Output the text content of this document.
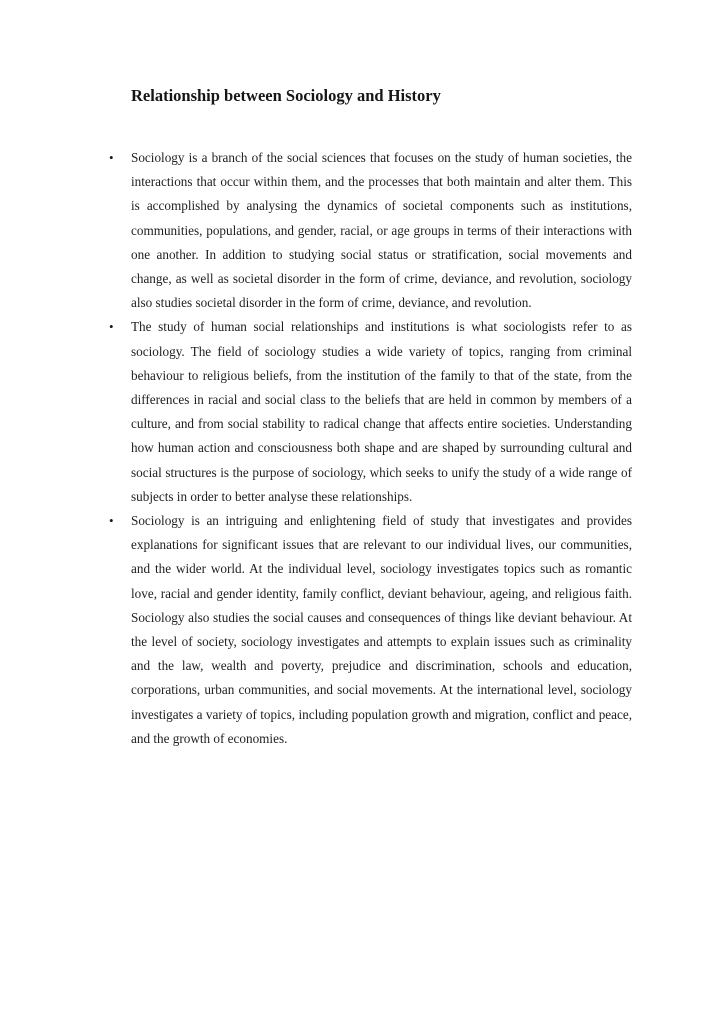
Relationship between Sociology and History
• Sociology is a branch of the social sciences that focuses on the study of human societies, the interactions that occur within them, and the processes that both maintain and alter them. This is accomplished by analysing the dynamics of societal components such as institutions, communities, populations, and gender, racial, or age groups in terms of their interactions with one another. In addition to studying social status or stratification, social movements and change, as well as societal disorder in the form of crime, deviance, and revolution, sociology also studies societal disorder in the form of crime, deviance, and revolution.
• The study of human social relationships and institutions is what sociologists refer to as sociology. The field of sociology studies a wide variety of topics, ranging from criminal behaviour to religious beliefs, from the institution of the family to that of the state, from the differences in racial and social class to the beliefs that are held in common by members of a culture, and from social stability to radical change that affects entire societies. Understanding how human action and consciousness both shape and are shaped by surrounding cultural and social structures is the purpose of sociology, which seeks to unify the study of a wide range of subjects in order to better analyse these relationships.
• Sociology is an intriguing and enlightening field of study that investigates and provides explanations for significant issues that are relevant to our individual lives, our communities, and the wider world. At the individual level, sociology investigates topics such as romantic love, racial and gender identity, family conflict, deviant behaviour, ageing, and religious faith. Sociology also studies the social causes and consequences of things like deviant behaviour. At the level of society, sociology investigates and attempts to explain issues such as criminality and the law, wealth and poverty, prejudice and discrimination, schools and education, corporations, urban communities, and social movements. At the international level, sociology investigates a variety of topics, including population growth and migration, conflict and peace, and the growth of economies.
